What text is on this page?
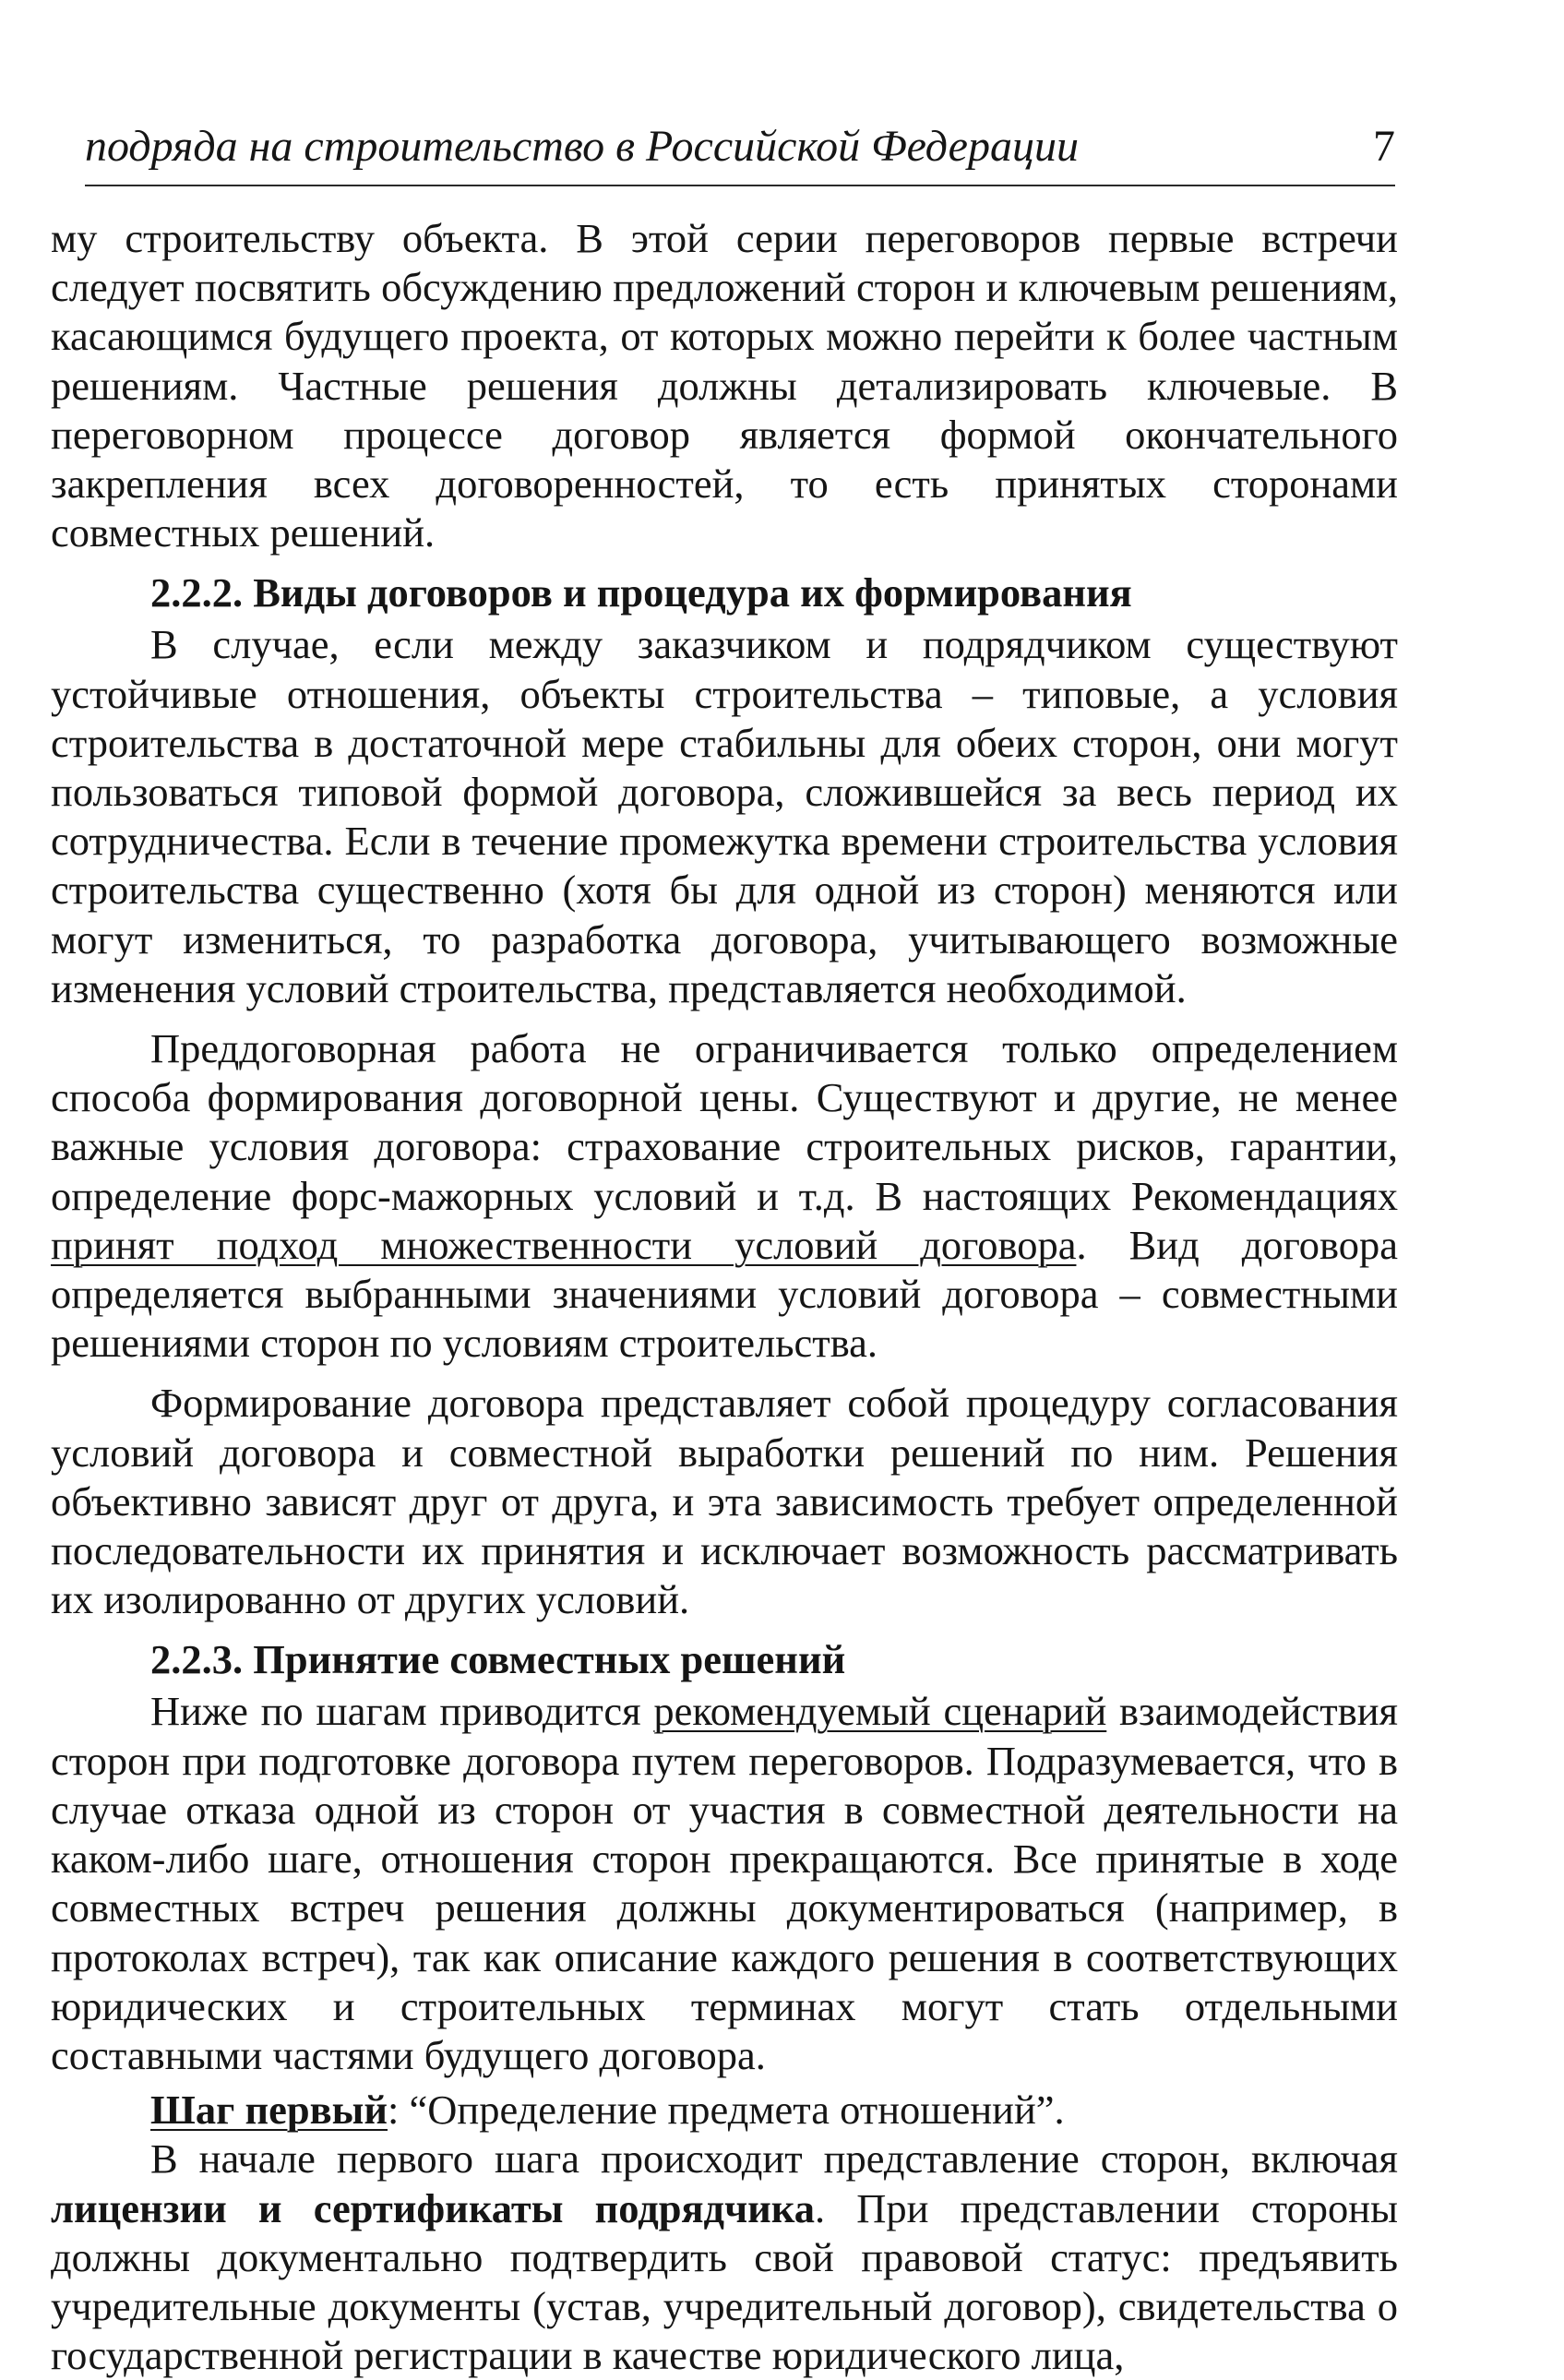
подряда на строительство в Российской Федерации	7

му строительству объекта. В этой серии переговоров первые встречи следует посвятить обсуждению предложений сторон и ключевым решениям, касающимся будущего проекта, от которых можно перейти к более частным решениям. Частные решения должны детализировать ключевые. В переговорном процессе договор является формой окончательного закрепления всех договоренностей, то есть принятых сторонами совместных решений.

2.2.2. Виды договоров и процедура их формирования

В случае, если между заказчиком и подрядчиком существуют устойчивые отношения, объекты строительства – типовые, а условия строительства в достаточной мере стабильны для обеих сторон, они могут пользоваться типовой формой договора, сложившейся за весь период их сотрудничества. Если в течение промежутка времени строительства условия строительства существенно (хотя бы для одной из сторон) меняются или могут измениться, то разработка договора, учитывающего возможные изменения условий строительства, представляется необходимой.

Преддоговорная работа не ограничивается только определением способа формирования договорной цены. Существуют и другие, не менее важные условия договора: страхование строительных рисков, гарантии, определение форс-мажорных условий и т.д. В настоящих Рекомендациях принят подход множественности условий договора. Вид договора определяется выбранными значениями условий договора – совместными решениями сторон по условиям строительства.

Формирование договора представляет собой процедуру согласования условий договора и совместной выработки решений по ним. Решения объективно зависят друг от друга, и эта зависимость требует определенной последовательности их принятия и исключает возможность рассматривать их изолированно от других условий.

2.2.3. Принятие совместных решений

Ниже по шагам приводится рекомендуемый сценарий взаимодействия сторон при подготовке договора путем переговоров. Подразумевается, что в случае отказа одной из сторон от участия в совместной деятельности на каком-либо шаге, отношения сторон прекращаются. Все принятые в ходе совместных встреч решения должны документироваться (например, в протоколах встреч), так как описание каждого решения в соответствующих юридических и строительных терминах могут стать отдельными составными частями будущего договора.

Шаг первый: “Определение предмета отношений”.

В начале первого шага происходит представление сторон, включая лицензии и сертификаты подрядчика. При представлении стороны должны документально подтвердить свой правовой статус: предъявить учредительные документы (устав, учредительный договор), свидетельства о государственной регистрации в качестве юридического лица,
